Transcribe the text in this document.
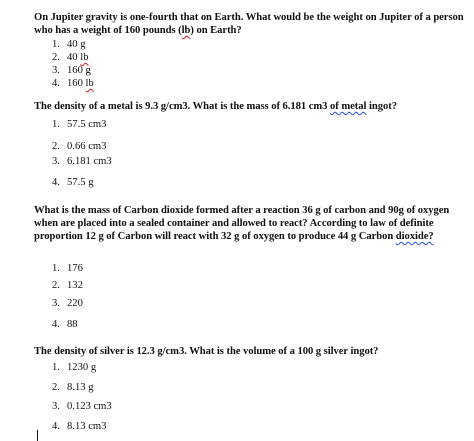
On Jupiter gravity is one-fourth that on Earth. What would be the weight on Jupiter of a person who has a weight of 160 pounds (lb) on Earth?
1. 40 g
2. 40 lb
3. 160 g
4. 160 lb
The density of a metal is 9.3 g/cm3. What is the mass of 6.181 cm3 of metal ingot?
1. 57.5 cm3
2. 0.66 cm3
3. 6.181 cm3
4. 57.5 g
What is the mass of Carbon dioxide formed after a reaction 36 g of carbon and 90g of oxygen when are placed into a sealed container and allowed to react? According to law of definite proportion 12 g of Carbon will react with 32 g of oxygen to produce 44 g Carbon dioxide?
1. 176
2. 132
3. 220
4. 88
The density of silver is 12.3 g/cm3. What is the volume of a 100 g silver ingot?
1. 1230 g
2. 8.13 g
3. 0.123 cm3
4. 8.13 cm3
